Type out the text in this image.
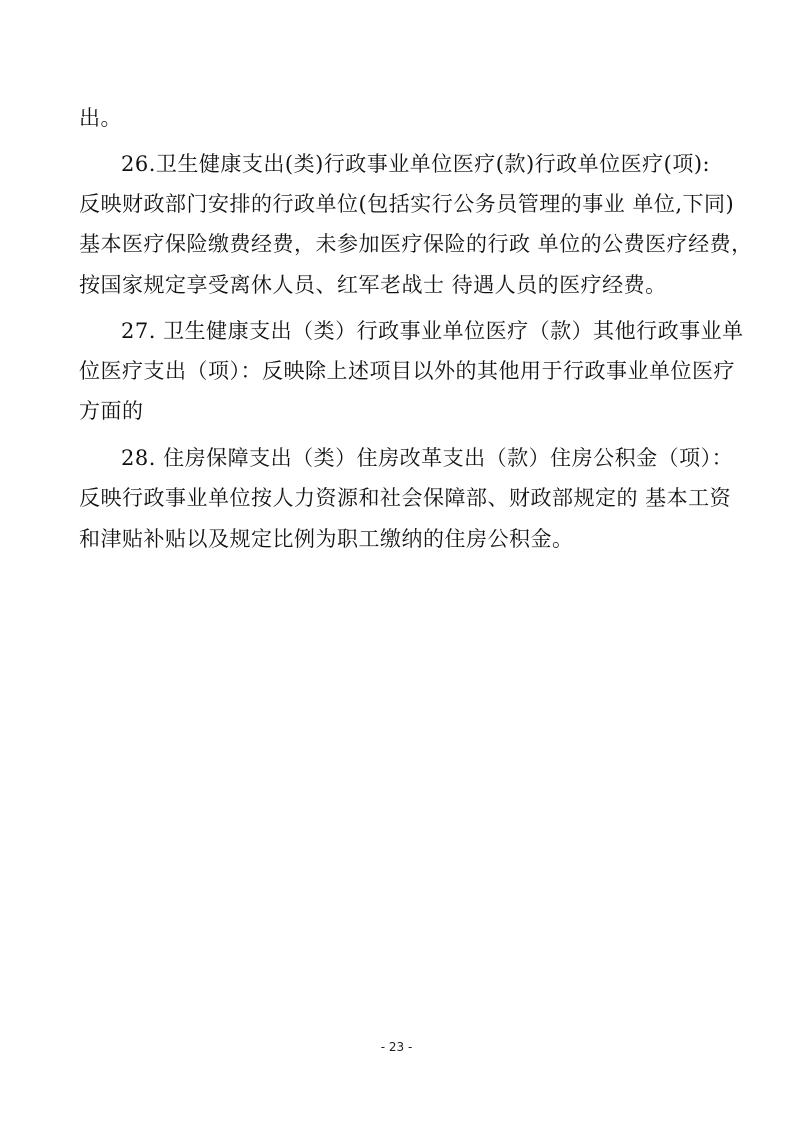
出。
26.卫生健康支出(类)行政事业单位医疗(款)行政单位医疗(项):
反映财政部门安排的行政单位(包括实行公务员管理的事业 单位,下同)
基本医疗保险缴费经费，未参加医疗保险的行政 单位的公费医疗经费，
按国家规定享受离休人员、红军老战士 待遇人员的医疗经费。
27. 卫生健康支出（类）行政事业单位医疗（款）其他行政事业单
位医疗支出（项）：反映除上述项目以外的其他用于行政事业单位医疗
方面的
28. 住房保障支出（类）住房改革支出（款）住房公积金（项）：
反映行政事业单位按人力资源和社会保障部、财政部规定的 基本工资
和津贴补贴以及规定比例为职工缴纳的住房公积金。
- 23 -
